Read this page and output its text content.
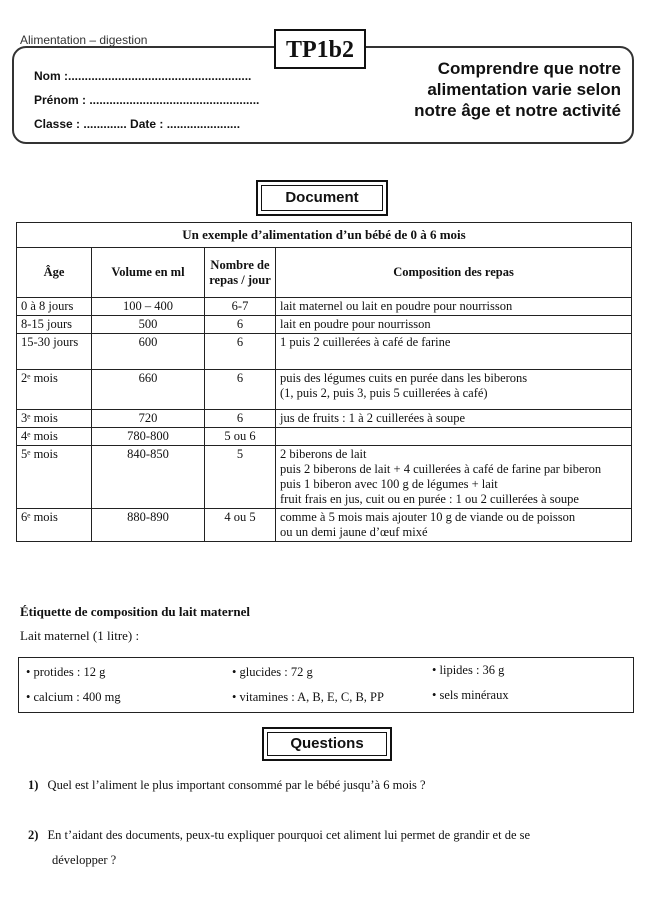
Alimentation – digestion
Nom :.......................................................
Prénom : ...................................................
Classe : ............. Date : ......................
TP1b2
Comprendre que notre
alimentation varie selon
notre âge et notre activité
Document
Un exemple d’alimentation d’un bébé de 0 à 6 mois			
Âge	Volume en ml	Nombre de repas / jour	Composition des repas
0 à 8 jours	100 – 400	6-7	lait maternel ou lait en poudre pour nourrisson
8-15 jours	500	6	lait en poudre pour nourrisson
15-30 jours	600	6	1 puis 2 cuillerées à café de farine
2ᵉ mois	660	6	puis des légumes cuits en purée dans les biberons
(1, puis 2, puis 3, puis 5 cuillerées à café)

3ᵉ mois	720	6	jus de fruits : 1 à 2 cuillerées à soupe
4ᵉ mois	780-800	5 ou 6	
5ᵉ mois	840-850	5	2 biberons de lait
puis 2 biberons de lait + 4 cuillerées à café de farine par biberon
puis 1 biberon avec 100 g de légumes + lait
fruit frais en jus, cuit ou en purée : 1 ou 2 cuillerées à soupe

6ᵉ mois	880-890	4 ou 5	comme à 5 mois mais ajouter 10 g de viande ou de poisson
ou un demi jaune d’œuf mixé
Étiquette de composition du lait maternel
Lait maternel (1 litre) :
• protides : 12 g	• glucides : 72 g	• lipides : 36 g
• calcium : 400 mg	• vitamines : A, B, E, C, B, PP	• sels minéraux
Questions
1) Quel est l’aliment le plus important consommé par le bébé jusqu’à 6 mois ?
2) En t’aidant des documents, peux-tu expliquer pourquoi cet aliment lui permet de grandir et de se
développer ?
